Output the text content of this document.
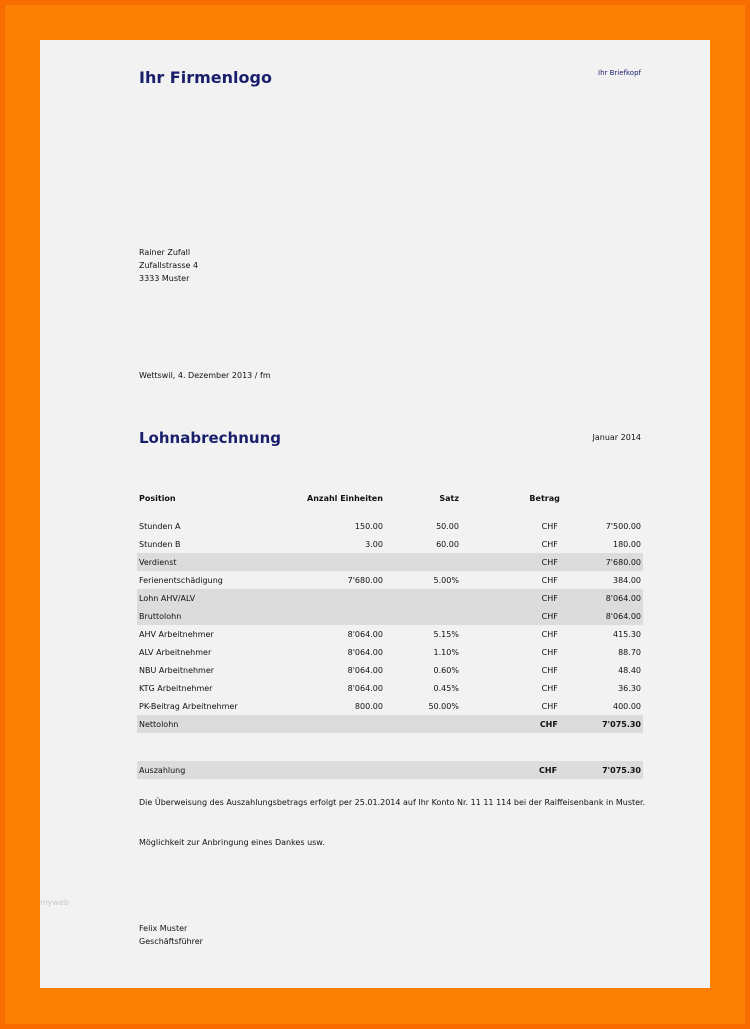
Ihr Firmenlogo	Ihr Briefkopf
Rainer Zufall
Zufallstrasse 4
3333 Muster
Wettswil, 4. Dezember 2013 / fm
Lohnabrechnung	Januar 2014
Position	Anzahl Einheiten	Satz	Betrag	

Stunden A	150.00	50.00	CHF	7'500.00
Stunden B	3.00	60.00	CHF	180.00
Verdienst			CHF	7'680.00
Ferienentschädigung	7'680.00	5.00%	CHF	384.00
Lohn AHV/ALV			CHF	8'064.00
Bruttolohn			CHF	8'064.00
AHV Arbeitnehmer	8'064.00	5.15%	CHF	415.30
ALV Arbeitnehmer	8'064.00	1.10%	CHF	88.70
NBU Arbeitnehmer	8'064.00	0.60%	CHF	48.40
KTG Arbeitnehmer	8'064.00	0.45%	CHF	36.30
PK-Beitrag Arbeitnehmer	800.00	50.00%	CHF	400.00
Nettolohn			CHF	7'075.30
Auszahlung			CHF	7'075.30
Die Überweisung des Auszahlungsbetrags erfolgt per 25.01.2014 auf Ihr Konto Nr. 11 11 114 bei der Raiffeisenbank in Muster.
Möglichkeit zur Anbringung eines Dankes usw.
Felix Muster
Geschäftsführer
myweb
